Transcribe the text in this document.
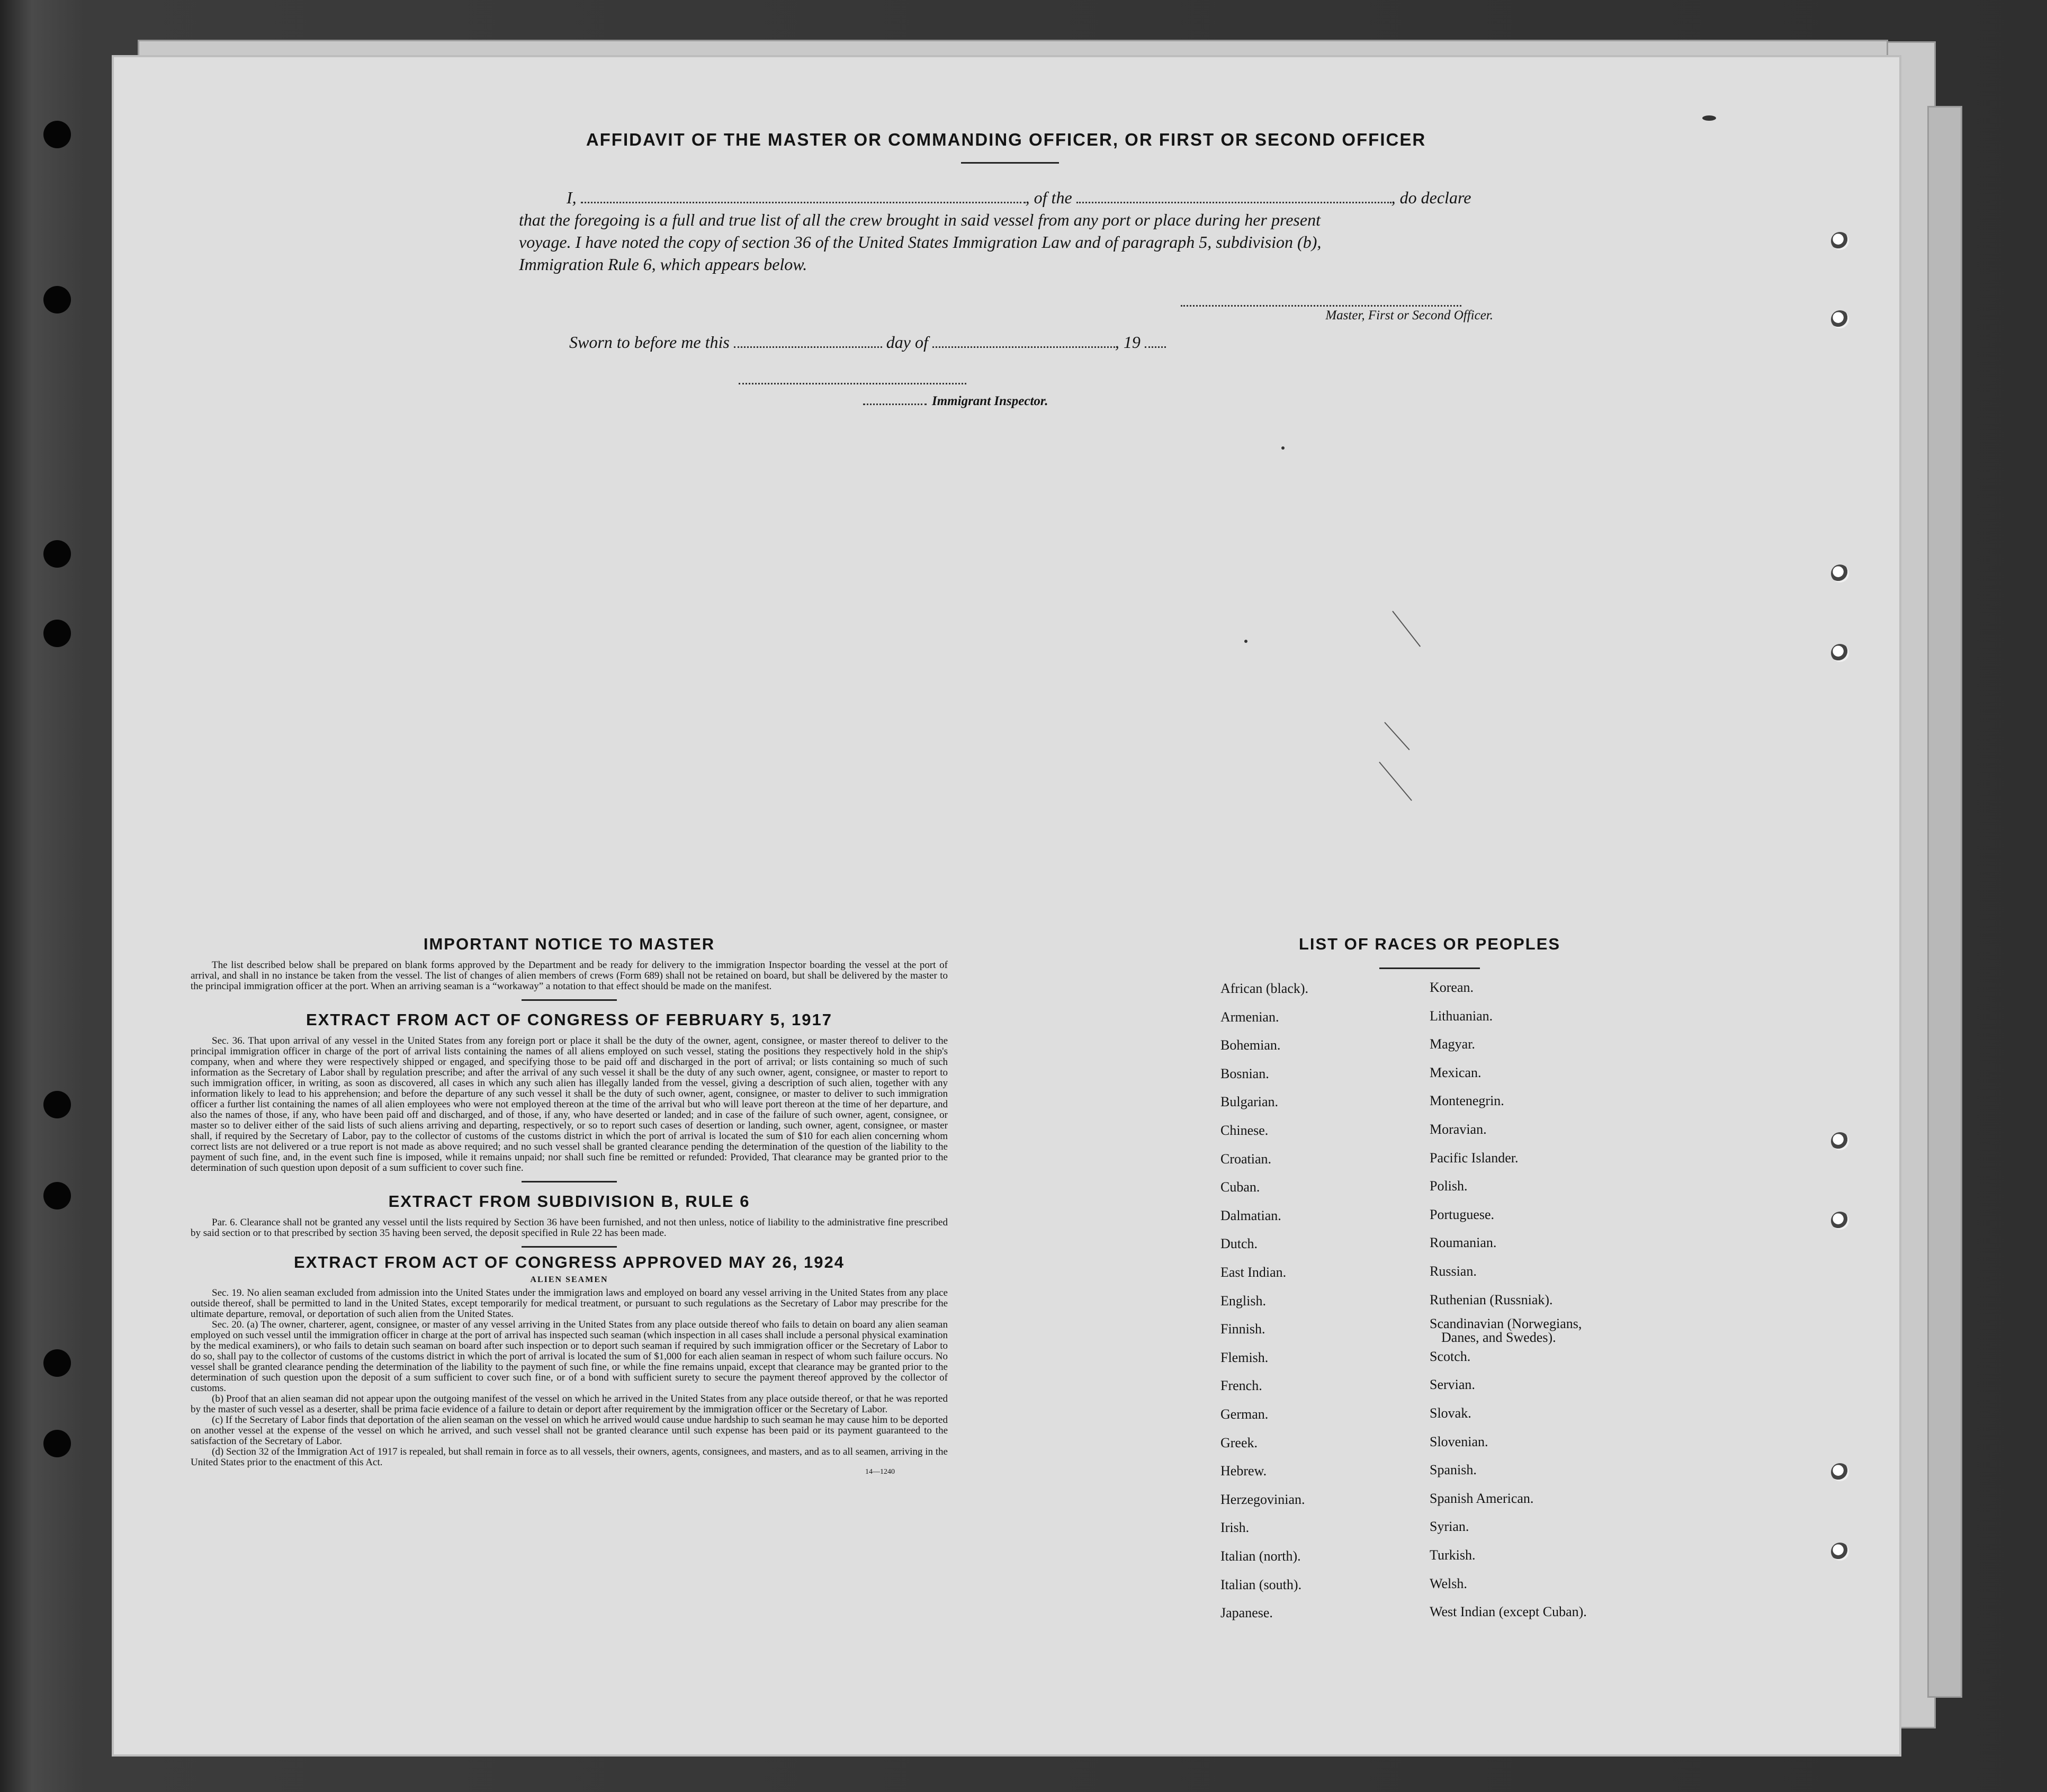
AFFIDAVIT OF THE MASTER OR COMMANDING OFFICER, OR FIRST OR SECOND OFFICER
I,	, of the	, do declare
that the foregoing is a full and true list of all the crew brought in said vessel from any port or place during her present
voyage. I have noted the copy of section 36 of the United States Immigration Law and of paragraph 5, subdivision (b),
Immigration Rule 6, which appears below.
Master, First or Second Officer.
Sworn to before me this	day of	, 19
Immigrant Inspector.

IMPORTANT NOTICE TO MASTER

The list described below shall be prepared on blank forms approved by the Department and be ready for delivery to the immigration Inspector boarding the vessel at the port of arrival, and shall in no instance be taken from the vessel. The list of changes of alien members of crews (Form 689) shall not be retained on board, but shall be delivered by the master to the principal immigration officer at the port. When an arriving seaman is a “workaway” a notation to that effect should be made on the manifest.

EXTRACT FROM ACT OF CONGRESS OF FEBRUARY 5, 1917

Sec. 36. That upon arrival of any vessel in the United States from any foreign port or place it shall be the duty of the owner, agent, consignee, or master thereof to deliver to the principal immigration officer in charge of the port of arrival lists containing the names of all aliens employed on such vessel, stating the positions they respectively hold in the ship's company, when and where they were respectively shipped or engaged, and specifying those to be paid off and discharged in the port of arrival; or lists containing so much of such information as the Secretary of Labor shall by regulation prescribe; and after the arrival of any such vessel it shall be the duty of any such owner, agent, consignee, or master to report to such immigration officer, in writing, as soon as discovered, all cases in which any such alien has illegally landed from the vessel, giving a description of such alien, together with any information likely to lead to his apprehension; and before the departure of any such vessel it shall be the duty of such owner, agent, consignee, or master to deliver to such immigration officer a further list containing the names of all alien employees who were not employed thereon at the time of the arrival but who will leave port thereon at the time of her departure, and also the names of those, if any, who have been paid off and discharged, and of those, if any, who have deserted or landed; and in case of the failure of such owner, agent, consignee, or master so to deliver either of the said lists of such aliens arriving and departing, respectively, or so to report such cases of desertion or landing, such owner, agent, consignee, or master shall, if required by the Secretary of Labor, pay to the collector of customs of the customs district in which the port of arrival is located the sum of $10 for each alien concerning whom correct lists are not delivered or a true report is not made as above required; and no such vessel shall be granted clearance pending the determination of the question of the liability to the payment of such fine, and, in the event such fine is imposed, while it remains unpaid; nor shall such fine be remitted or refunded: Provided, That clearance may be granted prior to the determination of such question upon deposit of a sum sufficient to cover such fine.

EXTRACT FROM SUBDIVISION B, RULE 6

Par. 6. Clearance shall not be granted any vessel until the lists required by Section 36 have been furnished, and not then unless, notice of liability to the administrative fine prescribed by said section or to that prescribed by section 35 having been served, the deposit specified in Rule 22 has been made.

EXTRACT FROM ACT OF CONGRESS APPROVED MAY 26, 1924

ALIEN SEAMEN

Sec. 19. No alien seaman excluded from admission into the United States under the immigration laws and employed on board any vessel arriving in the United States from any place outside thereof, shall be permitted to land in the United States, except temporarily for medical treatment, or pursuant to such regulations as the Secretary of Labor may prescribe for the ultimate departure, removal, or deportation of such alien from the United States.

Sec. 20. (a) The owner, charterer, agent, consignee, or master of any vessel arriving in the United States from any place outside thereof who fails to detain on board any alien seaman employed on such vessel until the immigration officer in charge at the port of arrival has inspected such seaman (which inspection in all cases shall include a personal physical examination by the medical examiners), or who fails to detain such seaman on board after such inspection or to deport such seaman if required by such immigration officer or the Secretary of Labor to do so, shall pay to the collector of customs of the customs district in which the port of arrival is located the sum of $1,000 for each alien seaman in respect of whom such failure occurs. No vessel shall be granted clearance pending the determination of the liability to the payment of such fine, or while the fine remains unpaid, except that clearance may be granted prior to the determination of such question upon the deposit of a sum sufficient to cover such fine, or of a bond with sufficient surety to secure the payment thereof approved by the collector of customs.

(b) Proof that an alien seaman did not appear upon the outgoing manifest of the vessel on which he arrived in the United States from any place outside thereof, or that he was reported by the master of such vessel as a deserter, shall be prima facie evidence of a failure to detain or deport after requirement by the immigration officer or the Secretary of Labor.

(c) If the Secretary of Labor finds that deportation of the alien seaman on the vessel on which he arrived would cause undue hardship to such seaman he may cause him to be deported on another vessel at the expense of the vessel on which he arrived, and such vessel shall not be granted clearance until such expense has been paid or its payment guaranteed to the satisfaction of the Secretary of Labor.

(d) Section 32 of the Immigration Act of 1917 is repealed, but shall remain in force as to all vessels, their owners, agents, consignees, and masters, and as to all seamen, arriving in the United States prior to the enactment of this Act.

14—1240
LIST OF RACES OR PEOPLES
African (black).	Korean.
Armenian.	Lithuanian.
Bohemian.	Magyar.
Bosnian.	Mexican.
Bulgarian.	Montenegrin.
Chinese.	Moravian.
Croatian.	Pacific Islander.
Cuban.	Polish.
Dalmatian.	Portuguese.
Dutch.	Roumanian.
East Indian.	Russian.
English.	Ruthenian (Russniak).
Finnish.	Scandinavian (Norwegians,
Danes, and Swedes).
Flemish.	Scotch.
French.	Servian.
German.	Slovak.
Greek.	Slovenian.
Hebrew.	Spanish.
Herzegovinian.	Spanish American.
Irish.	Syrian.
Italian (north).	Turkish.
Italian (south).	Welsh.
Japanese.	West Indian (except Cuban).
